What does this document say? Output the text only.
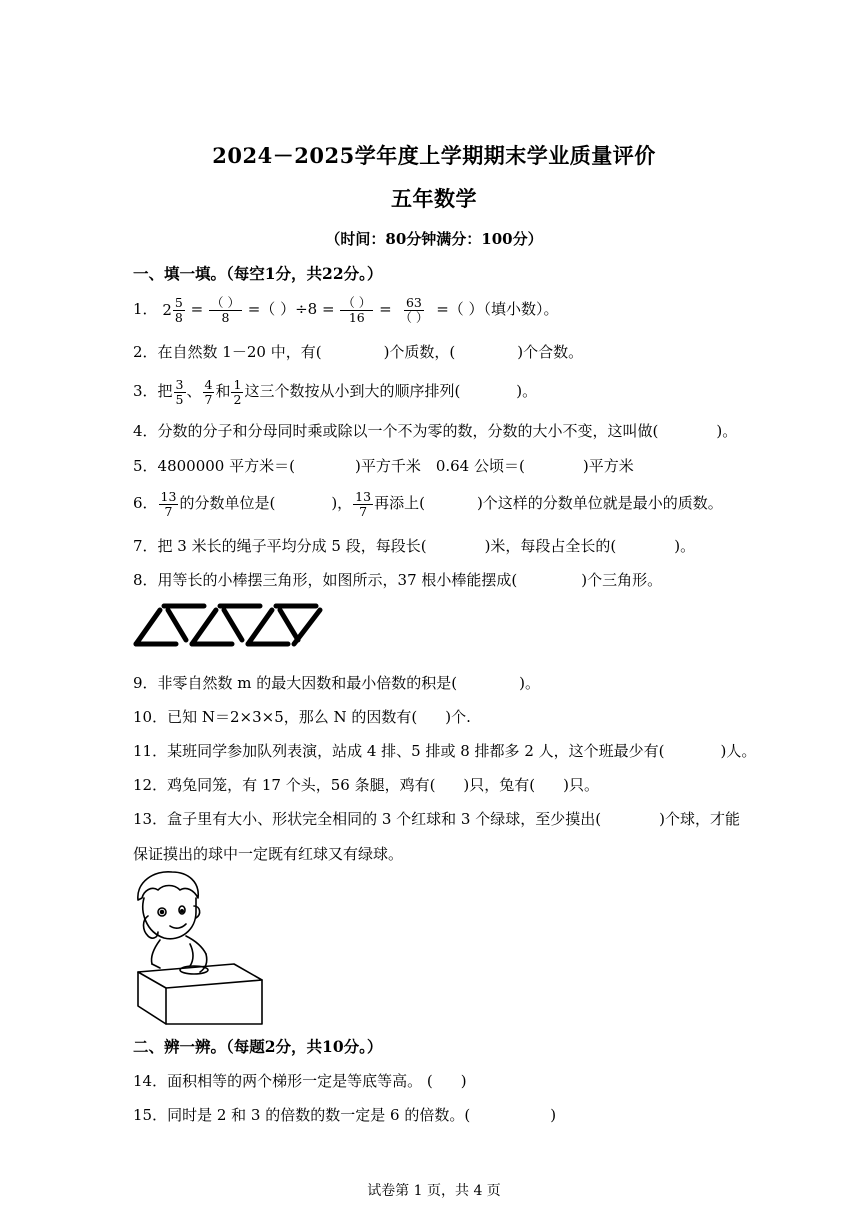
2024－2025学年度上学期期末学业质量评价
五年数学
（时间：80分钟满分：100分）
一、填一填。（每空1分，共22分。）
1． $2 \frac{5}{8} = \frac{( )}{8}$ =（ ）$\div 8 = \frac{( )}{16} = \frac{63}{( )}$ =（ ）（填小数）。
2．在自然数 1－20 中，有(	)个质数，(	)个合数。
3．把 $\frac{3}{5}$ 、 $\frac{4}{7}$ 和 $\frac{1}{2}$ 这三个数按从小到大的顺序排列(	)。
4．分数的分子和分母同时乘或除以一个不为零的数，分数的大小不变，这叫做(	)。
5．4800000 平方米＝(	)平方千米　0.64 公顷＝(	)平方米
6． $\frac{13}{7}$ 的分数单位是(	)， $\frac{13}{7}$ 再添上(	)个这样的分数单位就是最小的质数。
7．把 3 米长的绳子平均分成 5 段，每段长(	)米，每段占全长的(	)。
8．用等长的小棒摆三角形，如图所示，37 根小棒能摆成(	)个三角形。
9．非零自然数 m 的最大因数和最小倍数的积是(	)。
10．已知 N＝2×3×5，那么 N 的因数有( )个.
11．某班同学参加队列表演，站成 4 排、5 排或 8 排都多 2 人，这个班最少有(	)人。
12．鸡兔同笼，有 17 个头，56 条腿，鸡有( )只，兔有( )只。
13．盒子里有大小、形状完全相同的 3 个红球和 3 个绿球，至少摸出(	)个球，才能
保证摸出的球中一定既有红球又有绿球。
二、辨一辨。（每题2分，共10分。）
14．面积相等的两个梯形一定是等底等高。 ( )
15．同时是 2 和 3 的倍数的数一定是 6 的倍数。(	)
试卷第 1 页，共 4 页
